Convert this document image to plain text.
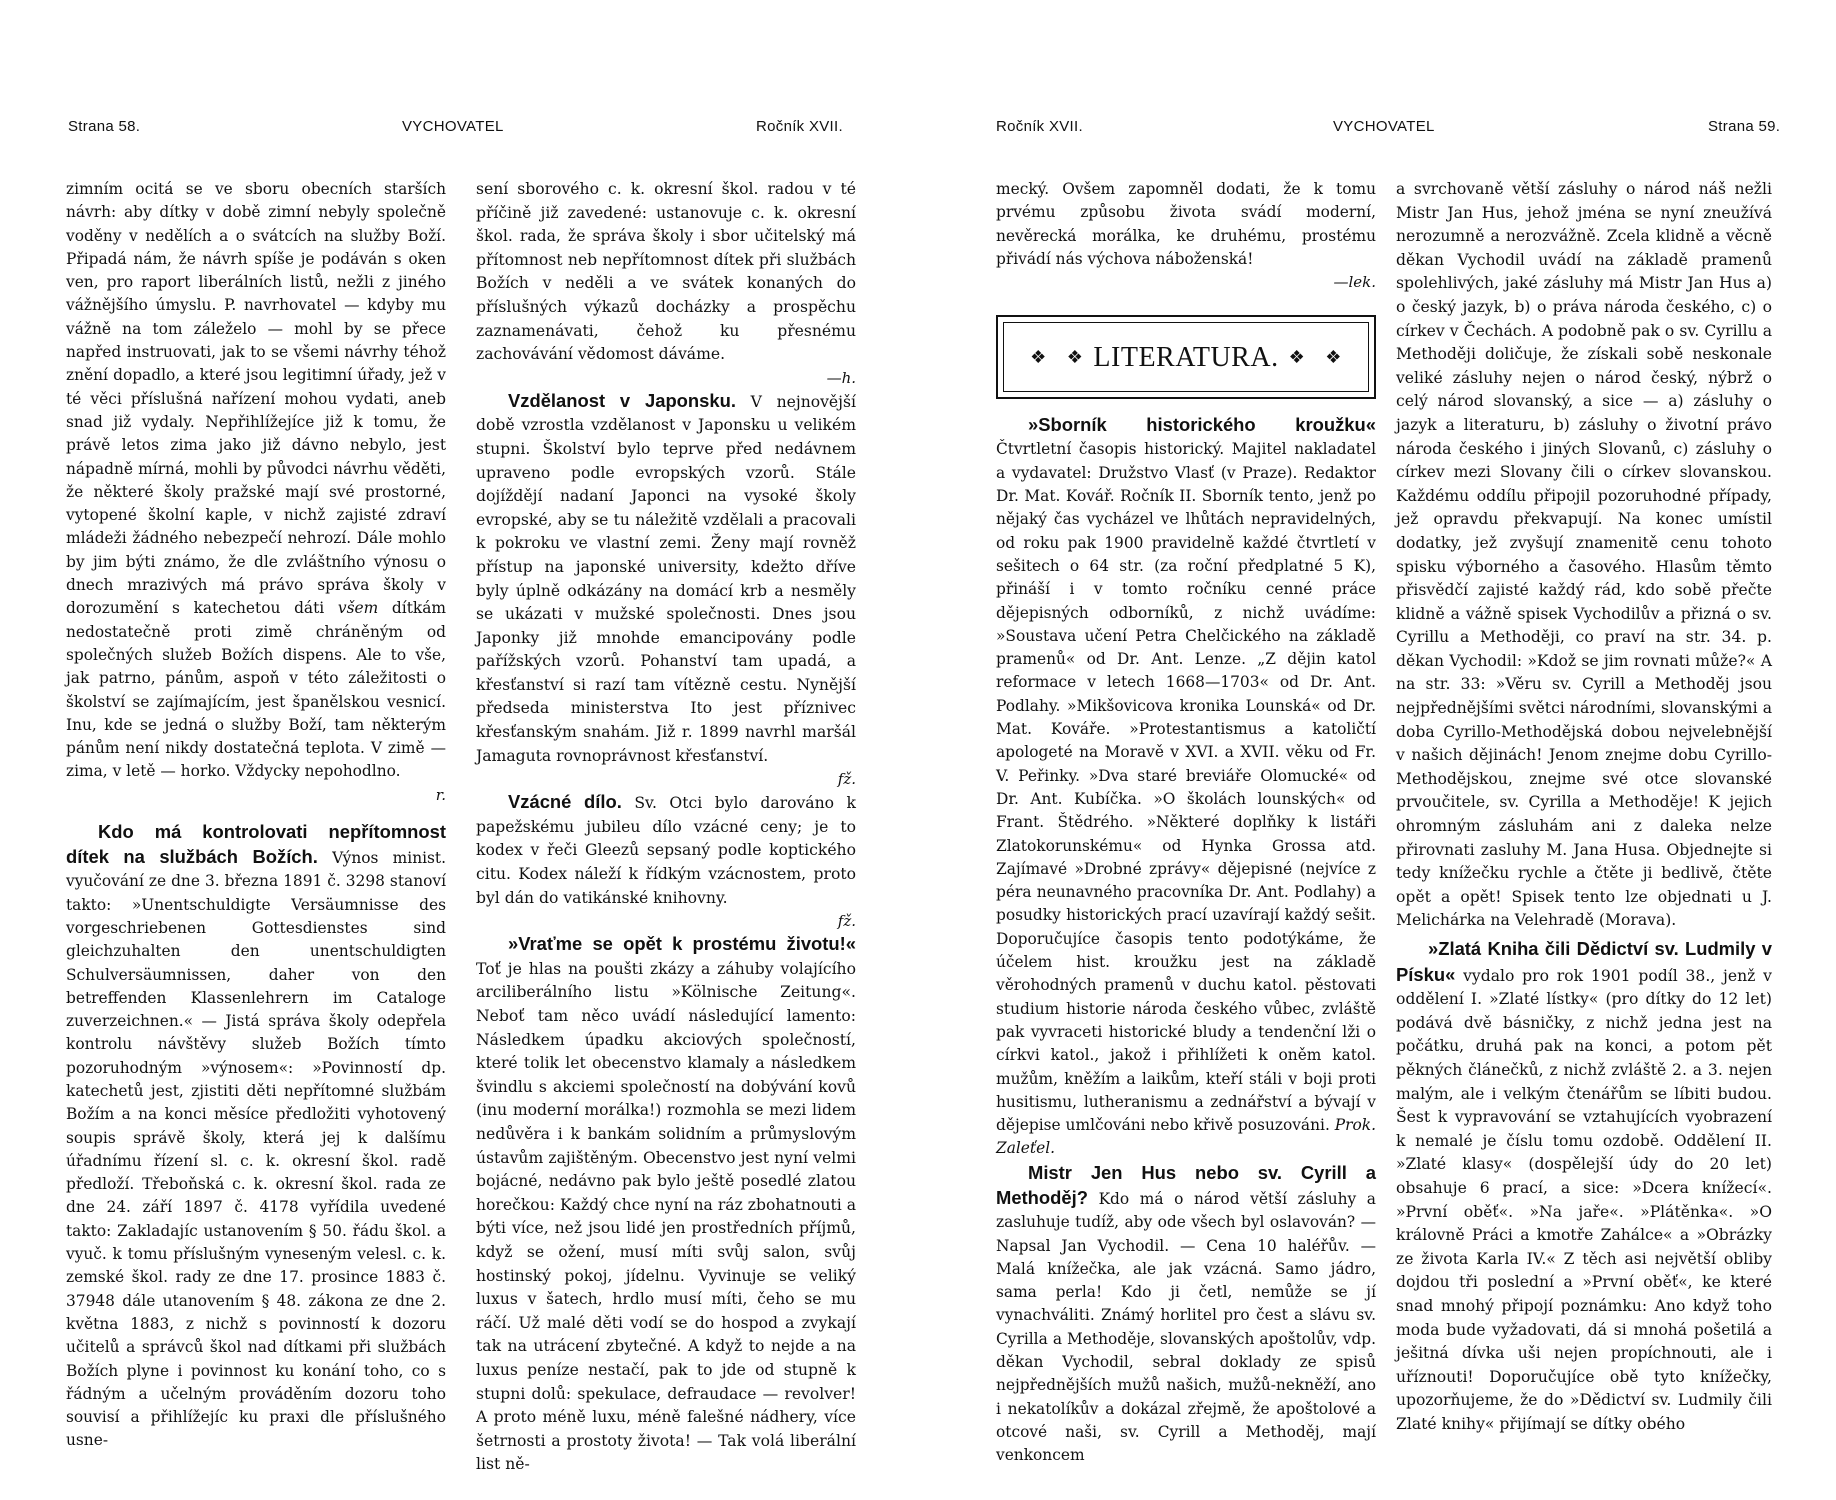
Strana 58.	VYCHOVATEL	Ročník XVII.

zimním ocitá se ve sboru obecních starších návrh: aby dítky v době zimní nebyly společně voděny v nedělích a o svátcích na služby Boží. Připadá nám, že návrh spíše je podáván s oken ven, pro raport liberálních listů, nežli z jiného vážnějšího úmyslu. P. navrhovatel — kdyby mu vážně na tom záleželo — mohl by se přece napřed instruovati, jak to se všemi návrhy téhož znění dopadlo, a které jsou legitimní úřady, jež v té věci příslušná nařízení mohou vydati, aneb snad již vydaly. Nepřihlížejíce již k tomu, že právě letos zima jako již dávno nebylo, jest nápadně mírná, mohli by původci návrhu věděti, že některé školy pražské mají své prostorné, vytopené školní kaple, v nichž zajisté zdraví mládeži žádného nebezpečí nehrozí. Dále mohlo by jim býti známo, že dle zvláštního výnosu o dnech mrazivých má právo správa školy v dorozumění s katechetou dáti všem dítkám nedostatečně proti zimě chráněným od společných služeb Božích dispens. Ale to vše, jak patrno, pánům, aspoň v této záležitosti o školství se zajímajícím, jest španělskou vesnicí. Inu, kde se jedná o služby Boží, tam některým pánům není nikdy dostatečná teplota. V zimě — zima, v letě — horko. Vždycky nepohodlno.

r.

Kdo má kontrolovati nepřítomnost dítek na službách Božích. Výnos minist. vyučování ze dne 3. března 1891 č. 3298 stanoví takto: »Unentschuldigte Versäumnisse des vorgeschriebenen Gottesdienstes sind gleichzuhalten den unentschuldigten Schulversäumnissen, daher von den betreffenden Klassenlehrern im Cataloge zuverzeichnen.« — Jistá správa školy odepřela kontrolu návštěvy služeb Božích tímto pozoruhodným »výnosem«: »Povinností dp. katechetů jest, zjistiti děti nepřítomné službám Božím a na konci měsíce předložiti vyhotovený soupis správě školy, která jej k dalšímu úřadnímu řízení sl. c. k. okresní škol. radě předloží. Třeboňská c. k. okresní škol. rada ze dne 24. září 1897 č. 4178 vyřídila uvedené takto: Zakladajíc ustanovením § 50. řádu škol. a vyuč. k tomu příslušným vyneseným velesl. c. k. zemské škol. rady ze dne 17. prosince 1883 č. 37948 dále utanovením § 48. zákona ze dne 2. května 1883, z nichž s povinností k dozoru učitelů a správců škol nad dítkami při službách Božích plyne i povinnost ku konání toho, co s řádným a učelným prováděním dozoru toho souvisí a přihlížejíc ku praxi dle příslušného usne-

sení sborového c. k. okresní škol. radou v té příčině již zavedené: ustanovuje c. k. okresní škol. rada, že správa školy i sbor učitelský má přítomnost neb nepřítomnost dítek při službách Božích v neděli a ve svátek konaných do příslušných výkazů docházky a prospěchu zaznamenávati, čehož ku přesnému zachovávání vědomost dáváme.

—h.

Vzdělanost v Japonsku. V nejnovější době vzrostla vzdělanost v Japonsku u velikém stupni. Školství bylo teprve před nedávnem upraveno podle evropských vzorů. Stále dojíždějí nadaní Japonci na vysoké školy evropské, aby se tu náležitě vzdělali a pracovali k pokroku ve vlastní zemi. Ženy mají rovněž přístup na japonské university, kdežto dříve byly úplně odkázány na domácí krb a nesměly se ukázati v mužské společnosti. Dnes jsou Japonky již mnohde emancipovány podle pařížských vzorů. Pohanství tam upadá, a křesťanství si razí tam vítězně cestu. Nynější předseda ministerstva Ito jest příznivec křesťanským snahám. Již r. 1899 navrhl maršál Jamaguta rovnoprávnost křesťanství.

fž.

Vzácné dílo. Sv. Otci bylo darováno k papežskému jubileu dílo vzácné ceny; je to kodex v řeči Gleezů sepsaný podle koptického citu. Kodex náleží k řídkým vzácnostem, proto byl dán do vatikánské knihovny.

fž.

»Vraťme se opět k prostému životu!« Toť je hlas na poušti zkázy a záhuby volajícího arciliberálního listu »Kölnische Zeitung«. Neboť tam něco uvádí následující lamento: Následkem úpadku akciových společností, které tolik let obecenstvo klamaly a následkem švindlu s akciemi společností na dobývání kovů (inu moderní morálka!) rozmohla se mezi lidem nedůvěra i k bankám solidním a průmyslovým ústavům zajištěným. Obecenstvo jest nyní velmi bojácné, nedávno pak bylo ještě posedlé zlatou horečkou: Každý chce nyní na ráz zbohatnouti a býti více, než jsou lidé jen prostředních příjmů, když se ožení, musí míti svůj salon, svůj hostinský pokoj, jídelnu. Vyvinuje se veliký luxus v šatech, hrdlo musí míti, čeho se mu ráčí. Už malé děti vodí se do hospod a zvykají tak na utrácení zbytečné. A když to nejde a na luxus peníze nestačí, pak to jde od stupně k stupni dolů: spekulace, defraudace — revolver! A proto méně luxu, méně falešné nádhery, více šetrnosti a prostoty života! — Tak volá liberální list ně-

Ročník XVII.	VYCHOVATEL	Strana 59.

mecký. Ovšem zapomněl dodati, že k tomu prvému způsobu života svádí moderní, nevěrecká morálka, ke druhému, prostému přivádí nás výchova náboženská!

—lek.

❖ ❖ LITERATURA. ❖ ❖

»Sborník historického kroužku« Čtvrtletní časopis historický. Majitel nakladatel a vydavatel: Družstvo Vlasť (v Praze). Redaktor Dr. Mat. Kovář. Ročník II. Sborník tento, jenž po nějaký čas vycházel ve lhůtách nepravidelných, od roku pak 1900 pravidelně každé čtvrtletí v sešitech o 64 str. (za roční předplatné 5 K), přináší i v tomto ročníku cenné práce dějepisných odborníků, z nichž uvádíme: »Soustava učení Petra Chelčického na základě pramenů« od Dr. Ant. Lenze. „Z dějin katol reformace v letech 1668—1703« od Dr. Ant. Podlahy. »Mikšovicova kronika Lounská« od Dr. Mat. Kováře. »Protestantismus a katoličtí apologeté na Moravě v XVI. a XVII. věku od Fr. V. Peřinky. »Dva staré breviáře Olomucké« od Dr. Ant. Kubíčka. »O školách lounských« od Frant. Štědrého. »Některé doplňky k listáři Zlatokorunskému« od Hynka Grossa atd. Zajímavé »Drobné zprávy« dějepisné (nejvíce z péra neunavného pracovníka Dr. Ant. Podlahy) a posudky historických prací uzavírají každý sešit. Doporučujíce časopis tento podotýkáme, že účelem hist. kroužku jest na základě věrohodných pramenů v duchu katol. pěstovati studium historie národa českého vůbec, zvláště pak vyvraceti historické bludy a tendenční lži o církvi katol., jakož i přihlížeti k oněm katol. mužům, kněžím a laikům, kteří stáli v boji proti husitismu, lutheranismu a zednářství a bývají v dějepise umlčováni nebo křivě posuzováni. Prok. Zaleťel.

Mistr Jen Hus nebo sv. Cyrill a Methoděj? Kdo má o národ větší zásluhy a zasluhuje tudíž, aby ode všech byl oslavován? — Napsal Jan Vychodil. — Cena 10 haléřův. — Malá knížečka, ale jak vzácná. Samo jádro, sama perla! Kdo ji četl, nemůže se jí vynachváliti. Známý horlitel pro čest a slávu sv. Cyrilla a Methoděje, slovanských apoštolův, vdp. děkan Vychodil, sebral doklady ze spisů nejpřednějších mužů našich, mužů-nekněží, ano i nekatolíkův a dokázal zřejmě, že apoštolové a otcové naši, sv. Cyrill a Methoděj, mají venkoncem

a svrchovaně větší zásluhy o národ náš nežli Mistr Jan Hus, jehož jména se nyní zneužívá nerozumně a nerozvážně. Zcela klidně a věcně děkan Vychodil uvádí na základě pramenů spolehlivých, jaké zásluhy má Mistr Jan Hus a) o český jazyk, b) o práva národa českého, c) o církev v Čechách. A podobně pak o sv. Cyrillu a Methoději doličuje, že získali sobě neskonale veliké zásluhy nejen o národ český, nýbrž o celý národ slovanský, a sice — a) zásluhy o jazyk a literaturu, b) zásluhy o životní právo národa českého i jiných Slovanů, c) zásluhy o církev mezi Slovany čili o církev slovanskou. Každému oddílu připojil pozoruhodné případy, jež opravdu překvapují. Na konec umístil dodatky, jež zvyšují znamenitě cenu tohoto spisku výborného a časového. Hlasům těmto přisvědčí zajisté každý rád, kdo sobě přečte klidně a vážně spisek Vychodilův a přizná o sv. Cyrillu a Methoději, co praví na str. 34. p. děkan Vychodil: »Kdož se jim rovnati může?« A na str. 33: »Věru sv. Cyrill a Methoděj jsou nejpřednějšími světci národními, slovanskými a doba Cyrillo-Methodějská dobou nejvelebnější v našich dějinách! Jenom znejme dobu Cyrillo-Methodějskou, znejme své otce slovanské prvoučitele, sv. Cyrilla a Methoděje! K jejich ohromným zásluhám ani z daleka nelze přirovnati zasluhy M. Jana Husa. Objednejte si tedy knížečku rychle a čtěte ji bedlivě, čtěte opět a opět! Spisek tento lze objednati u J. Melichárka na Velehradě (Morava).

»Zlatá Kniha čili Dědictví sv. Ludmily v Písku« vydalo pro rok 1901 podíl 38., jenž v oddělení I. »Zlaté lístky« (pro dítky do 12 let) podává dvě básničky, z nichž jedna jest na počátku, druhá pak na konci, a potom pět pěkných článečků, z nichž zvláště 2. a 3. nejen malým, ale i velkým čtenářům se líbiti budou. Šest k vypravování se vztahujících vyobrazení k nemalé je číslu tomu ozdobě. Oddělení II. »Zlaté klasy« (dospělejší údy do 20 let) obsahuje 6 prací, a sice: »Dcera knížecí«. »První oběť«. »Na jaře«. »Plátěnka«. »O královně Práci a kmotře Zahálce« a »Obrázky ze života Karla IV.« Z těch asi největší obliby dojdou tři poslední a »První oběť«, ke které snad mnohý připojí poznámku: Ano když toho moda bude vyžadovati, dá si mnohá pošetilá a ješitná dívka uši nejen propíchnouti, ale i uříznouti! Doporučujíce obě tyto knížečky, upozorňujeme, že do »Dědictví sv. Ludmily čili Zlaté knihy« přijímají se dítky obého
